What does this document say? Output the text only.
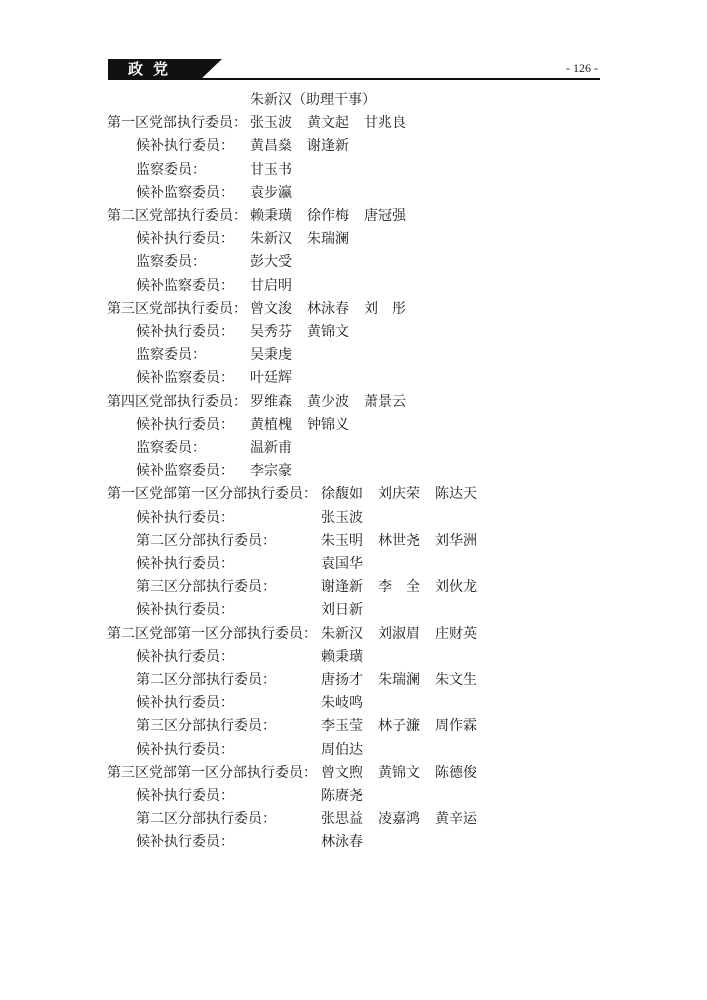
政党	- 126 -
朱新汉（助理干事）
第一区党部执行委员： 张玉波 黄文起 甘兆良
候补执行委员： 黄昌燊 谢逢新
监察委员：	甘玉书
候补监察委员： 袁步瀛
第二区党部执行委员： 赖秉璜 徐作梅 唐冠强
候补执行委员： 朱新汉 朱瑞澜
监察委员：	彭大受
候补监察委员： 甘启明
第三区党部执行委员： 曾文浚 林泳春 刘　彤
候补执行委员： 吴秀芬 黄锦文
监察委员：	吴秉虔
候补监察委员： 叶廷辉
第四区党部执行委员： 罗维森 黄少波 萧景云
候补执行委员： 黄植槐 钟锦义
监察委员：	温新甫
候补监察委员： 李宗豪
第一区党部第一区分部执行委员： 徐馥如 刘庆荣 陈达天
候补执行委员：	张玉波
第二区分部执行委员：	朱玉明 林世尧 刘华洲
候补执行委员：	袁国华
第三区分部执行委员：	谢逢新 李　全 刘伙龙
候补执行委员：	刘日新
第二区党部第一区分部执行委员： 朱新汉 刘淑眉 庄财英
候补执行委员：	赖秉璜
第二区分部执行委员：	唐扬才 朱瑞澜 朱文生
候补执行委员：	朱岐鸣
第三区分部执行委员：	李玉莹 林子濂 周作霖
候补执行委员：	周伯达
第三区党部第一区分部执行委员： 曾文煦 黄锦文 陈德俊
候补执行委员：	陈赓尧
第二区分部执行委员：	张思益 凌嘉鸿 黄辛运
候补执行委员：	林泳春
